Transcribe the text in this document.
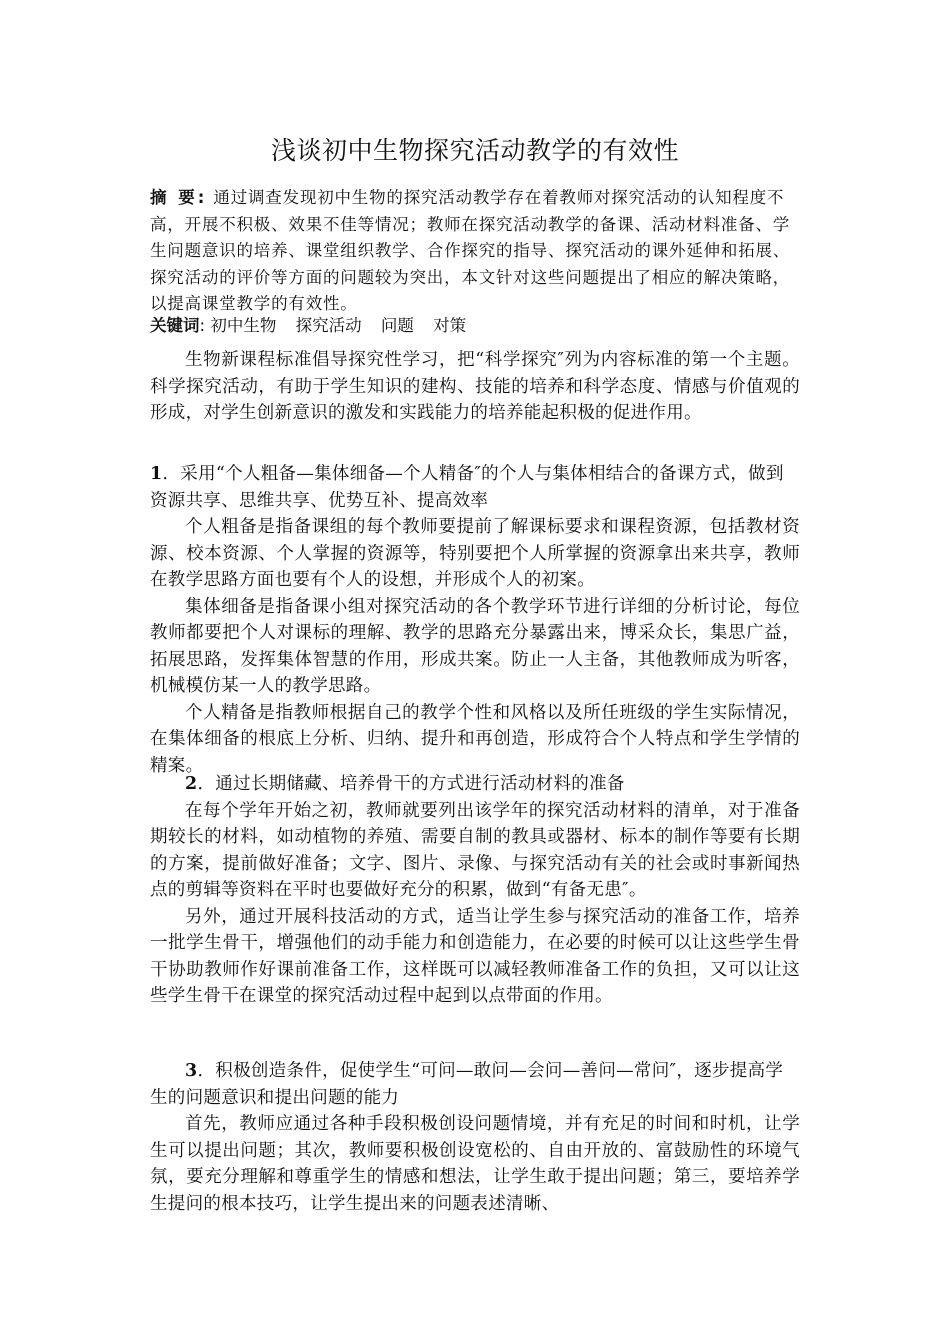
浅谈初中生物探究活动教学的有效性
摘 要: 通过调查发现初中生物的探究活动教学存在着教师对探究活动的认知程度不高，开展不积极、效果不佳等情况；教师在探究活动教学的备课、活动材料准备、学生问题意识的培养、课堂组织教学、合作探究的指导、探究活动的课外延伸和拓展、探究活动的评价等方面的问题较为突出，本文针对这些问题提出了相应的解决策略，以提高课堂教学的有效性。
关键词: 初中生物 探究活动 问题 对策

生物新课程标准倡导探究性学习，把“科学探究″列为内容标准的第一个主题。科学探究活动，有助于学生知识的建构、技能的培养和科学态度、情感与价值观的形成，对学生创新意识的激发和实践能力的培养能起积极的促进作用。

1．采用“个人粗备—集体细备—个人精备″的个人与集体相结合的备课方式，做到资源共享、思维共享、优势互补、提高效率

个人粗备是指备课组的每个教师要提前了解课标要求和课程资源，包括教材资源、校本资源、个人掌握的资源等，特别要把个人所掌握的资源拿出来共享，教师在教学思路方面也要有个人的设想，并形成个人的初案。

集体细备是指备课小组对探究活动的各个教学环节进行详细的分析讨论，每位教师都要把个人对课标的理解、教学的思路充分暴露出来，博采众长，集思广益，拓展思路，发挥集体智慧的作用，形成共案。防止一人主备，其他教师成为听客，机械模仿某一人的教学思路。

个人精备是指教师根据自己的教学个性和风格以及所任班级的学生实际情况，在集体细备的根底上分析、归纳、提升和再创造，形成符合个人特点和学生学情的精案。

2．通过长期储藏、培养骨干的方式进行活动材料的准备

在每个学年开始之初，教师就要列出该学年的探究活动材料的清单，对于准备期较长的材料，如动植物的养殖、需要自制的教具或器材、标本的制作等要有长期的方案，提前做好准备；文字、图片、录像、与探究活动有关的社会或时事新闻热点的剪辑等资料在平时也要做好充分的积累，做到“有备无患″。

另外，通过开展科技活动的方式，适当让学生参与探究活动的准备工作，培养一批学生骨干，增强他们的动手能力和创造能力，在必要的时候可以让这些学生骨干协助教师作好课前准备工作，这样既可以减轻教师准备工作的负担，又可以让这些学生骨干在课堂的探究活动过程中起到以点带面的作用。

3．积极创造条件，促使学生“可问—敢问—会问—善问—常问″，逐步提高学生的问题意识和提出问题的能力

首先，教师应通过各种手段积极创设问题情境，并有充足的时间和时机，让学生可以提出问题；其次，教师要积极创设宽松的、自由开放的、富鼓励性的环境气氛，要充分理解和尊重学生的情感和想法，让学生敢于提出问题；第三，要培养学生提问的根本技巧，让学生提出来的问题表述清晰、
